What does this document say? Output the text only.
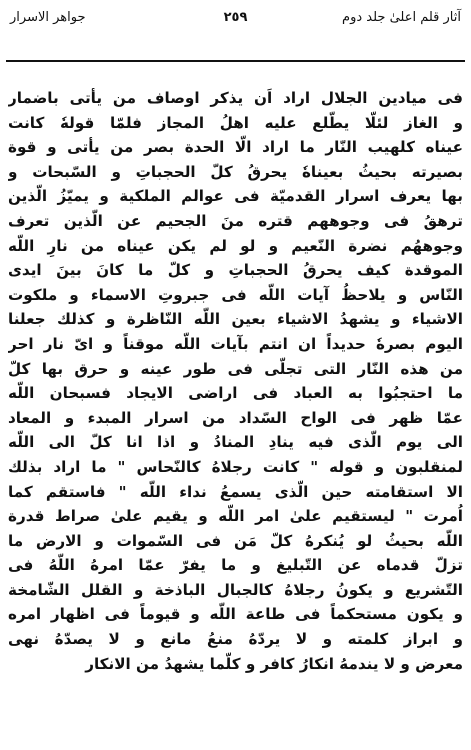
آثار قلم اعلىٰ جلد دوم
٢٥٩
جواهر الاسرار
فى ميادين الجلال اراد اَن يذكر اوصاف من يأتى باضمار
و الغاز لئلّا يطّلع عليه اهلُ المجاز فلمّا قولهٗ كانت
عيناه كلهيب النّار ما اراد الّا الحدة بصر من يأتى و قوة
بصيرته بحيثُ بعيناهٗ يحرقُ كلّ الحجباتِ و السّبحات و
بها يعرف اسرار القدميّة فى عوالم الملكية و يميّزُ الّذين
ترهقُ فى وجوههم قتره منَ الجحيم عن الّذين تعرف
وجوههُم نضرة النّعيم و لو لم يكن عيناه من نارِ اللّه
الموقدة كيف يحرقُ الحجباتِ و كلّ ما كانَ بينَ ايدى
النّاس و يلاحظُ آيات اللّه فى جبروتِ الاسماء و ملكوت
الاشياء و يشهدُ الاشياء بعين اللّه النّاظرة و كذلك جعلنا
اليوم بصرهٗ حديداً ان انتم بآيات اللّه موقناً و اىّ نار احر
من هذه النّار التى تجلّى فى طور عينه و حرق بها كلّ
ما احتجبُوا به العباد فى اراضى الايجاد فسبحان اللّه
عمّا ظهر فى الواح السّداد من اسرار المبدء و المعاد
الى يوم الّذى فيه ينادِ المنادُ و اذا انا كلّ الى اللّه
لمنقلبون و قوله " كانت رجلاهُ كالنّحاس " ما اراد بذلك
الا استقامته حين الّذى يسمعُ نداء اللّه " فاستقم كما
اُمرت " ليستقيم علىٰ امر اللّه و يقيم علىٰ صراط قدرة
اللّه بحيثُ لو يُنكرهُ كلّ مَن فى السّموات و الارض ما
تزلّ قدماه عن التّبليغ و ما يفرّ عمّا امرهُ اللّهُ فى
التّشريع و يكونُ رجلاهُ كالجبال الباذخة و القلل الشّامخة
و يكون مستحكماً فى طاعة اللّه و قيوماً فى اظهار امره
و ابراز كلمته و لا يردّهُ منعُ مانع و لا يصدّهُ نهى
معرض و لا يندمهُ انكارُ كافر و كلّما يشهدُ من الانكار
